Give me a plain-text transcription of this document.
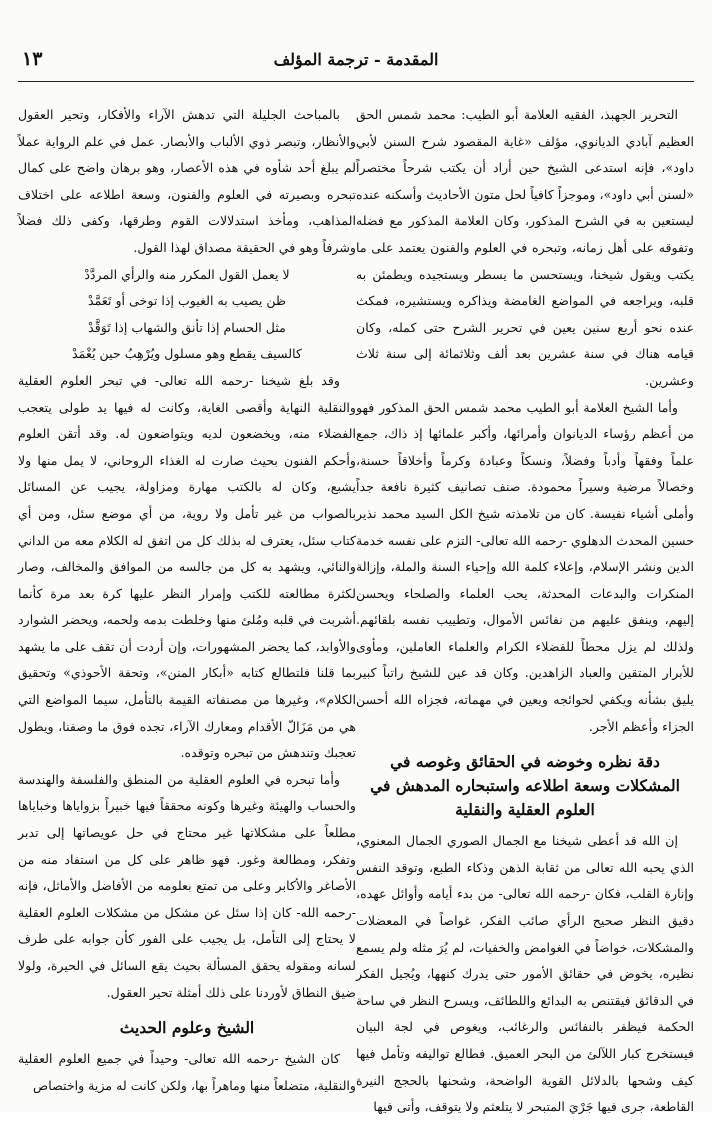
المقدمة - ترجمة المؤلف
١٣

التحرير الجهبذ، الفقيه العلامة أبو الطيب: محمد شمس الحق العظيم آبادي الديانوي، مؤلف «غاية المقصود شرح السنن لأبي داود»، فإنه استدعى الشيخ حين أراد أن يكتب شرحاً مختصراً «لسنن أبي داود»، وموجزاً كافياً لحل متون الأحاديث وأسكنه عنده ليستعين به في الشرح المذكور، وكان العلامة المذكور مع فضله وتفوقه على أهل زمانه، وتبحره في العلوم والفنون يعتمد على ما يكتب ويقول شيخنا، ويستحسن ما يسطر ويستجيده ويطمئن به قلبه، ويراجعه في المواضع الغامضة ويذاكره ويستشيره، فمكث عنده نحو أربع سنين يعين في تحرير الشرح حتى كمله، وكان قيامه هناك في سنة عشرين بعد ألف وثلاثمائة إلى سنة ثلاث وعشرين.

وأما الشيخ العلامة أبو الطيب محمد شمس الحق المذكور فهو من أعظم رؤساء الديانوان وأمرائها، وأكبر علمائها إذ ذاك، جمع علماً وفقهاً وأدباً وفضلاً، ونسكاً وعبادة وكرماً وأخلاقاً حسنة، وخصالاً مرضية وسيراً محمودة. صنف تصانيف كثيرة نافعة جداً وأملى أشياء نفيسة. كان من تلامذته شيخ الكل السيد محمد نذير حسين المحدث الدهلوي -رحمه الله تعالى- التزم على نفسه خدمة الدين ونشر الإسلام، وإعلاء كلمة الله وإحياء السنة والملة، وإزالة المنكرات والبدعات المحدثة، يحب العلماء والصلحاء ويحسن إليهم، وينفق عليهم من نفائس الأموال، وتطييب نفسه بلقائهم. ولذلك لم يزل محطاً للفضلاء الكرام والعلماء العاملين، ومأوى للأبرار المتقين والعباد الزاهدين. وكان قد عين للشيخ راتباً كبير يليق بشأنه ويكفي لحوائجه ويعين في مهماته، فجزاه الله أحسن الجزاء وأعظم الأجر.

دقة نظره وخوضه في الحقائق وغوصه في المشكلات وسعة اطلاعه واستبحاره المدهش في العلوم العقلية والنقلية

إن الله قد أعطى شيخنا مع الجمال الصوري الجمال المعنوي، الذي يحبه الله تعالى من ثقابة الذهن وذكاء الطبع، وتوقد النفس وإنارة القلب، فكان -رحمه الله تعالى- من بدء أيامه وأوائل عهده، دقيق النظر صحيح الرأي صائب الفكر، غواصاً في المعضلات والمشكلات، خواضاً في الغوامض والخفيات، لم يُرَ مثله ولم يسمع نظيره، يخوض في حقائق الأمور حتى يدرك كنهها، ويُجيل الفكر في الدقائق فيقتنص به البدائع واللطائف، ويسرح النظر في ساحة الحكمة فيظفر بالنفائس والرغائب، ويغوص في لجة البيان فيستخرج كبار اللآلئ من البحر العميق. فطالع تواليفه وتأمل فيها كيف وشحها بالدلائل القوية الواضحة، وشحنها بالحجج النيرة القاطعة، جرى فيها جَرْيَ المتبحر لا يتلعثم ولا يتوقف، وأتى فيها

بالمباحث الجليلة التي تدهش الآراء والأفكار، وتحير العقول والأنظار، وتبصر ذوي الألباب والأبصار. عمل في علم الرواية عملاً لم يبلغ أحد شأوه في هذه الأعصار، وهو برهان واضح على كمال تبحره وبصيرته في العلوم والفنون، وسعة اطلاعه على اختلاف المذاهب، ومأخذ استدلالات القوم وطرقها، وكفى ذلك فضلاً وشرفاً وهو في الحقيقة مصداق لهذا القول.

لا يعمل القول المكرر منه والرأي المردَّدْ

ظن يصيب به الغيوب إذا توخى أو تَعَمَّدْ

مثل الحسام إذا تأنق والشهاب إذا تَوَقَّدْ

كالسيف يقطع وهو مسلول ويُرْهِبُ حين يُغْمَدْ

وقد بلغ شيخنا -رحمه الله تعالى- في تبحر العلوم العقلية والنقلية النهاية وأقصى الغاية، وكانت له فيها يد طولى يتعجب الفضلاء منه، ويخضعون لديه ويتواضعون له. وقد أتقن العلوم وأحكم الفنون بحيث صارت له الغذاء الروحاني، لا يمل منها ولا يشبع، وكان له بالكتب مهارة ومزاولة، يجيب عن المسائل بالصواب من غير تأمل ولا روية، من أي موضع سئل، ومن أي كتاب سئل، يعترف له بذلك كل من اتفق له الكلام معه من الداني والنائي، ويشهد به كل من جالسه من الموافق والمخالف، وصار لكثرة مطالعته للكتب وإمرار النظر عليها كرة بعد مرة كأنما أشربت في قلبه ومُلئ منها وخلطت بدمه ولحمه، ويحضر الشوارد والأوابد، كما يحضر المشهورات، وإن أردت أن تقف على ما يشهد بما قلنا فلتطالع كتابه «أبكار المنن»، وتحفة الأحوذي» وتحقيق الكلام»، وغيرها من مصنفاته القيمة بالتأمل، سيما المواضع التي هي من مَزَالّ الأقدام ومعارك الآراء، تجده فوق ما وصفنا، ويطول تعجبك وتندهش من تبحره وتوقده.

وأما تبحره في العلوم العقلية من المنطق والفلسفة والهندسة والحساب والهيئة وغيرها وكونه محققاً فيها خبيراً بزواياها وخباياها مطلعاً على مشكلاتها غير محتاج في حل عويصاتها إلى تدبر وتفكر، ومطالعة وغور. فهو ظاهر على كل من استفاد منه من الأصاغر والأكابر وعلى من تمتع بعلومه من الأفاضل والأماثل، فإنه -رحمه الله- كان إذا سئل عن مشكل من مشكلات العلوم العقلية لا يحتاج إلى التأمل، بل يجيب على الفور كأن جوابه على طرف لسانه ومقوله يحقق المسألة بحيث يقع السائل في الحيرة، ولولا ضيق النطاق لأوردنا على ذلك أمثلة تحير العقول.

الشيخ وعلوم الحديث

كان الشيخ -رحمه الله تعالى- وحيداً في جميع العلوم العقلية والنقلية، متضلعاً منها وماهراً بها، ولكن كانت له مزية واختصاص
